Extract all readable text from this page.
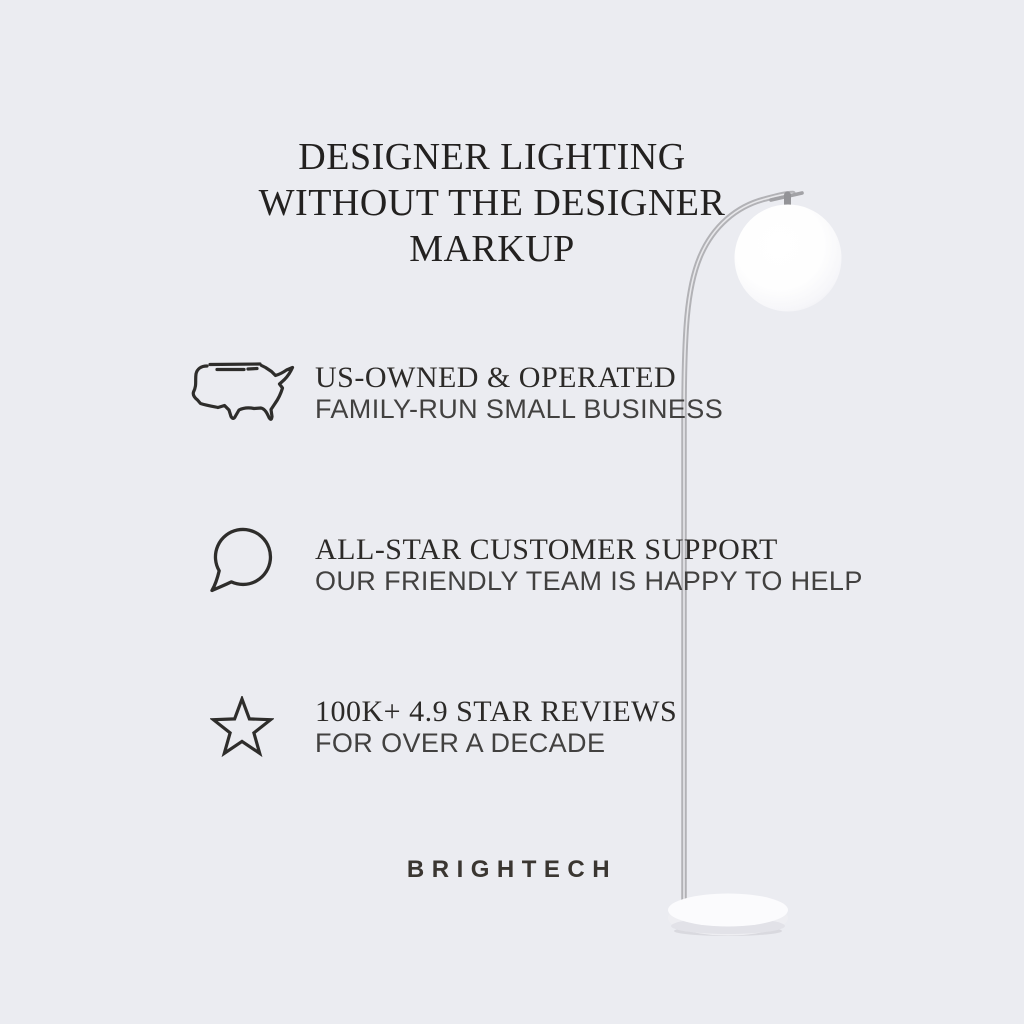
DESIGNER LIGHTING
WITHOUT THE DESIGNER
MARKUP
US-OWNED & OPERATED
FAMILY-RUN SMALL BUSINESS
ALL-STAR CUSTOMER SUPPORT
OUR FRIENDLY TEAM IS HAPPY TO HELP
100K+ 4.9 STAR REVIEWS
FOR OVER A DECADE
BRIGHTECH
